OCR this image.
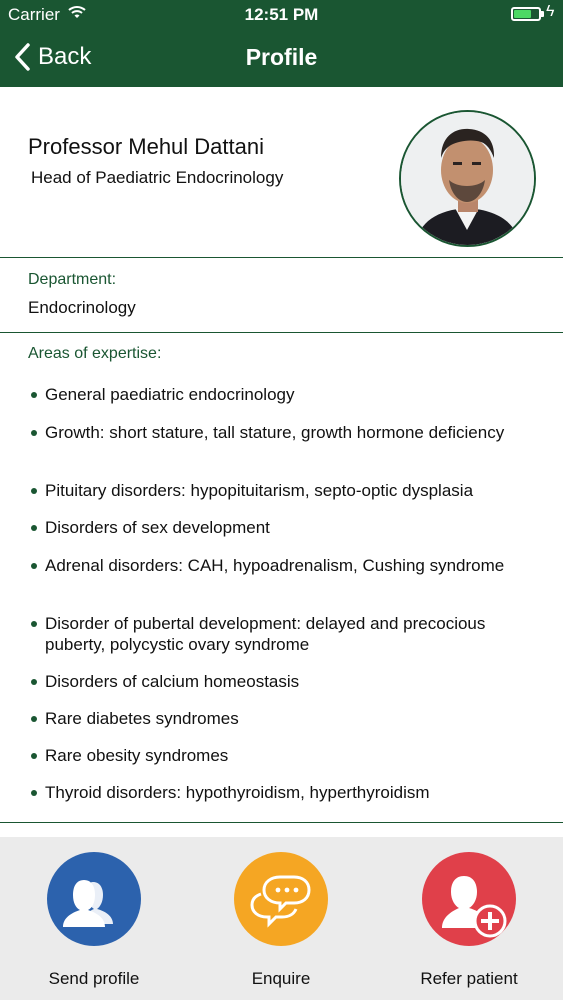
Carrier	12:51 PM	ϟ
Back	Profile
Professor Mehul Dattani
Head of Paediatric Endocrinology
Department:
Endocrinology
Areas of expertise:
General paediatric endocrinology
Growth: short stature, tall stature, growth hormone deficiency
Pituitary disorders: hypopituitarism, septo-optic dysplasia
Disorders of sex development
Adrenal disorders: CAH, hypoadrenalism, Cushing syndrome
Disorder of pubertal development: delayed and precocious puberty, polycystic ovary syndrome
Disorders of calcium homeostasis
Rare diabetes syndromes
Rare obesity syndromes
Thyroid disorders: hypothyroidism, hyperthyroidism
Send profile	Enquire	Refer patient
